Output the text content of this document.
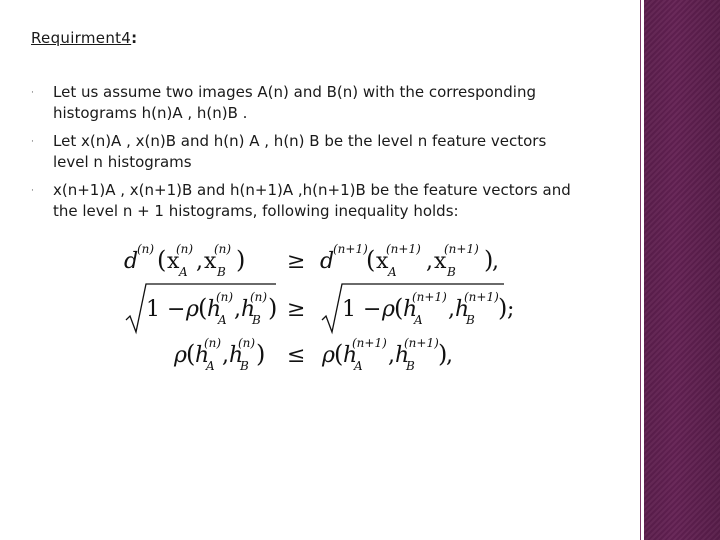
Requirment4:
· Let us assume two images A(n) and B(n) with the corresponding
histograms h(n)A , h(n)B .
· Let x(n)A , x(n)B and h(n) A , h(n) B be the level n feature vectors
level n histograms
· x(n+1)A , x(n+1)B and h(n+1)A ,h(n+1)B be the feature vectors and
the level n + 1 histograms, following inequality holds:
d
(n) ( x
(n)
A , x
(n)
B ) ≥ d
(n+1)
( x
(n+1)
A , x
(n+1)
B )
,
1 − ρ ( h
(n)
A , h
(n)
B ) ≥ 1 − ρ ( h
(n+1)
A , h
(n+1)
B ) ;
ρ ( h
(n)
A , h
(n)
B ) ≤ ρ ( h
(n+1)
A , h
(n+1)
B )
,
